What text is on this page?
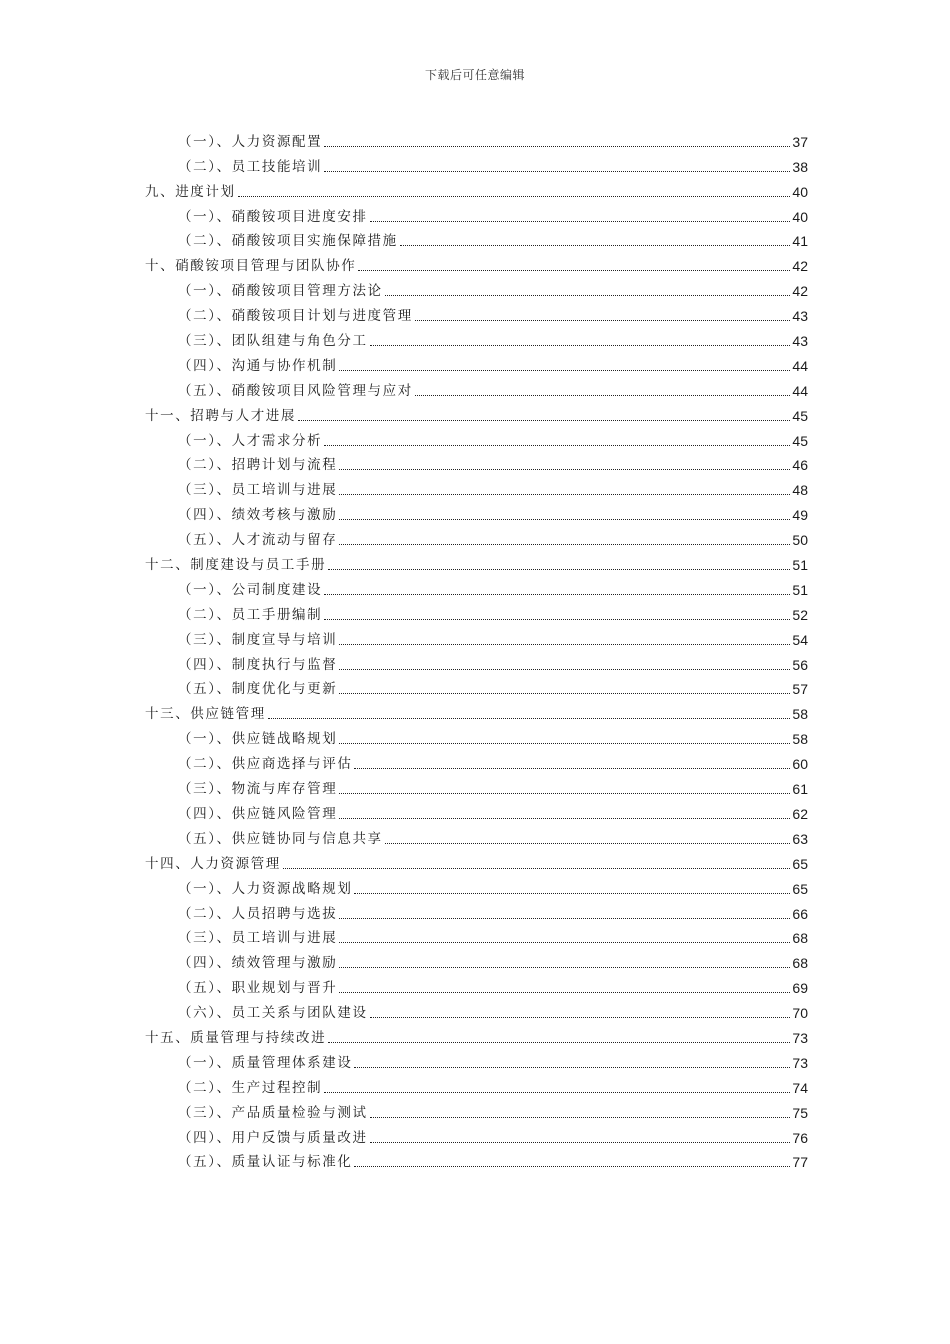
下载后可任意编辑
（一）、人力资源配置	37
（二）、员工技能培训	38
九、进度计划	40
（一）、硝酸铵项目进度安排	40
（二）、硝酸铵项目实施保障措施	41
十、硝酸铵项目管理与团队协作	42
（一）、硝酸铵项目管理方法论	42
（二）、硝酸铵项目计划与进度管理	43
（三）、团队组建与角色分工	43
（四）、沟通与协作机制	44
（五）、硝酸铵项目风险管理与应对	44
十一、招聘与人才进展	45
（一）、人才需求分析	45
（二）、招聘计划与流程	46
（三）、员工培训与进展	48
（四）、绩效考核与激励	49
（五）、人才流动与留存	50
十二、制度建设与员工手册	51
（一）、公司制度建设	51
（二）、员工手册编制	52
（三）、制度宣导与培训	54
（四）、制度执行与监督	56
（五）、制度优化与更新	57
十三、供应链管理	58
（一）、供应链战略规划	58
（二）、供应商选择与评估	60
（三）、物流与库存管理	61
（四）、供应链风险管理	62
（五）、供应链协同与信息共享	63
十四、人力资源管理	65
（一）、人力资源战略规划	65
（二）、人员招聘与选拔	66
（三）、员工培训与进展	68
（四）、绩效管理与激励	68
（五）、职业规划与晋升	69
（六）、员工关系与团队建设	70
十五、质量管理与持续改进	73
（一）、质量管理体系建设	73
（二）、生产过程控制	74
（三）、产品质量检验与测试	75
（四）、用户反馈与质量改进	76
（五）、质量认证与标准化	77
